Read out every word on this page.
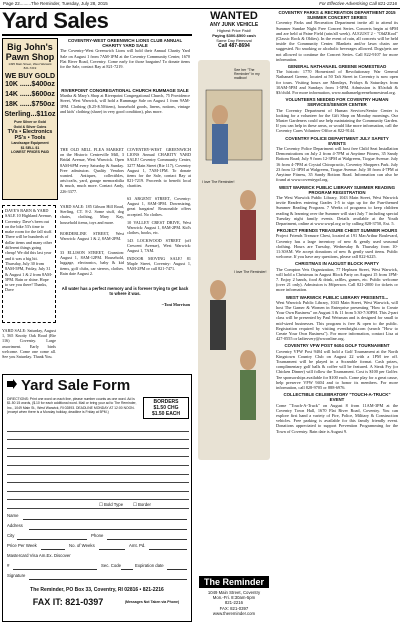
Page 22.........The Reminder, Tuesday, July 28, 2015	For Effective Advertising Call 821-2216
Yard Sales
Big John's
Pawn Shop
1495 Main Street, West Warwick
821-7219
WE BUY GOLD
10K ......$400oz
14K ......$600oz
18K ......$750oz
Sterling...$11oz
Pure Silver or Gold
Gold & Silver Coins
TVs • Electronics
PS's • Tools
Landscape Equipment
$1 SELL $1
LOWEST PRICES PAID
COVENTRY-WEST GREENWICH LIONS CLUB ANNUAL CHARITY YARD SALE
The Coventry-West Greenwich Lions will hold their Annual Charity Yard Sale on August 1 from 7AM-1PM at the Coventry Community Center, 1670 Flat River Road, Coventry. Come early for those bargains! To donate items for the Sale, contact Ray at 821-7219.
RIVERPOINT CONGREGATIONAL CHURCH RUMMAGE SALE
Martha & Mary's Shop at Riverpoint Congregational Church, 75 Providence Street, West Warwick, will hold a Rummage Sale on August 1 from 9AM-1PM. Clothing ($.25-$.50/item), household goods, linens, notions, vintage and kids' clothing (share) in very good condition), plus more.
DAVE'S BARN & YARD SALE 10 Highland Avenue, Coventry. Dave's been out on the bike 53's time to make room for the fall stuff. There will be hundreds of dollar items and many other different things going cheap! We did this last year and it was a big hit. Thursday, July 30 from 8AM-5PM, Friday, July 31 & August 1 & 2 from 8AM-5PM. Rain or shine. Hope to see you there! Thanks, Dave
YARD SALE: Saturday, August 1, 565 Knotty Oak Road (Rte 116) Coventry. Large assortment. Early birds welcome. Come one come all. See you Saturday. Thank You.
THE OLD MILL FLEA MARKET on the Historic Centreville Mill, 3 Bridal Avenue, West Warwick. Open 8AM-6PM every Saturday & Sunday. Free admission. Quality Vendors wanted. Antiques, collectibles, arts/crafts, yard, garage memorabilia & much, much more. Contact Andy, 226-3377.
YARD SALE: 185 Gibson Hill Road, Sterling, CT. 8-2. Some stuff, dog chairs, clothing, Mary Kay, household items, toys and more.
BORDERLINE STREET, West Warwick: August 1 & 2, 8AM-2PM.
33 ELLISON STREET, Cranston: August 1, 8AM-12PM. Household, luggage, electronics, baby & kid items, golf clubs, car stereos, clothes. Rain date August 2.
COVENTRY-WEST GREENWICH LIONS Annual CHARITY YARD SALE! Coventry Community Center, 3277 Main Street (Rte 117), Coventry August 1, 7AM-1PM. To donate items for the Sale, contact Ray at 821-7219. Proceeds to benefit local charities.
63 ARGENT STREET, Coventry: August 1, 8AM-3PM. Downsizing, great bargains! Reasonable offers accepted. No clothes.
10 VALLEY CREST DRIVE, West Warwick: August 1, 8AM-2PM. Kid's clothes, books, etc.
143 LOCKWOOD STREET (off Crescent Avenue), West Warwick: August 1, 7AM.
INDOOR MOVING SALE! 81 Maple Street, Coventry: August 1, 9AM-2PM or call 821-7471.
All water has a perfect memory and is forever trying to get back to where it was.
~Toni Morrison
Yard Sale Form
DIRECTIONS: Print one word on each line, please number counts as one word. Ad is $1.50 15 words, ($.10 for each additional word. Mail or bring your ad to The Reminder, Inc., 1049 Main St., West Warwick, RI 02893. DEADLINE MONDAY AT 12:00 NOON. (except when there is a Monday holiday, deadline is Friday at 5PM.)
BORDERS
$1.50 CHG
$1.50 EACH
☐ Bold Type ☐ Border
Name
Address
City	Phone
Price Per Week	No. of Weeks	Amt. Pd.
Mastercard Visa Am.Ex. Discover
#	Sec. Code	Expiration date
Signature
The Reminder, PO Box 33, Coventry, RI 02816 • 821-2216
FAX IT: 821-0397	(Messages Not Taken via Phone)
WANTED
ANY JUNK VEHICLE
Highest Price Paid!
Paying $300-$500 cash
Same Day Removal
Call 487-8694
See her "The Reminder" in my mailbox!
I love The Reminder!
I love The Reminder!
The Reminder
1049 Main Street, Coventry
Mon.-Fri. 8:30am-5pm
821-2216
FAX: 821-0397
www.thereminder.com
COVENTRY PARKS & RECREATION DEPARTMENT 2015 SUMMER CONCERT SERIES
Coventry Parks and Recreation Department invite all to attend its Summer Sundae Night Free Concert Series. Concerts begin at 6PM and are held at Paine Field (rain/all week). AUGUST 2 - "OldZKool" (Classic Rock & Oldies). In the event of rain, all concerts will be held inside the Community Center. Blankets and/or lawn chairs are suggested. No smoking or alcoholic beverages allowed. Dogs/pets are not allowed to continue the Concert Series. Call 822-9107 for more information.
GENERAL NATHANAEL GREENE HOMESTEAD
The historic 1770 Homestead of Revolutionary War General Nathanael Greene, located at 50 Taft Street in Coventry is now open for tours. Visiting hours are Mondays, Fridays & Saturdays from 10AM-5PM and Sundays from 1-5PM. Admission is $5/adult & $3/child. For more information, www.nathanaelgreenehomestead.org.
VOLUNTEERS NEEDED FOR COVENTRY HUMAN SERVICES/SENIOR CENTER
The Coventry Department of Human Services/Senior Center is looking for a volunteer for the Gift Shop on Monday mornings. Our Master Gardeners could use help maintaining the Community Garden. If you can help in these areas, or would like more information, call the Coventry Cares Volunteer Office at 822-9144.
COVENTRY POLICE DEPARTMENT JULY SAFETY EVENTS
The Coventry Police Department will host free Child Seat Installation Demonstrations on July 2 from 4-7PM at Anytime Fitness, 35 Sandy Bottom Road; July 9 from 12-3PM at Walgreens, Tiogue Avenue. July 16 from 4-7PM at Crystal Chiropractic, Coventry Shoppers Park. July 23 from 12-3PM at Walgreens, Tiogue Avenue. July 30 from 4-7PM at Anytime Fitness, 35 Sandy Bottom Road. Information can also be found at www.coventrypd.org.
WEST WARWICK PUBLIC LIBRARY SUMMER READING PROGRAM REGISTRATION
The West Warwick Public Library, 1043 Main Street, West Warwick invite Readers entering Grades 1-5 to sign up for the Fun-themed Summer Reading Program. 7 Weeks of programs to keep children reading & learning over the Summer will start July 7 including special Tuesday night family events. Details available at the Youth Department, online at www.wwpl.org or by calling 828-3750, Ext. 5.
PROJECT FRIENDS TREASURE CHEST SUMMER HOURS
Project Friends Treasure Chest, located at 191 MacArthur Boulevard, Coventry has a large inventory of new & gently used seasonal clothing. Hours are Tuesday, Wednesday & Thursday from 10-11:30AM. We accept donations of new & gently used items. Public welcome. If you have any questions, please call 822-6225.
CHRISTMAS IN AUGUST BLOCK PARTY
The Compton Vets Organization, 77 Hepburn Street, West Warwick, will hold a Christmas in August Block Party on August 15 from 1PM-7. Enjoy 2 bands, food & drink, raffles, games, etc. Public welcome (over 21 only). Admission is $6/person. Call 821-2000 for tickets or more information.
WEST WARWICK PUBLIC LIBRARY PRESENTS...
West Warwick Public Library, 1043 Main Street, West Warwick, will host The Gamer & Women in Enterprise presenting "How to Create Your Own Business" on August 3 & 11 from 5:30-7:30PM. This 2-part class will be presented by Paul Weisman and is designed for small to mid-sized businesses. This program is free & open to the public. Registration required by visiting eventbright.com (search "How to Create Your Own Business"). For more information, contact Lisa at 427-0555 or ladiesvery@wwonline.org.
COVENTRY VFW POST 9404 GOLF TOURNAMENT
Coventry VFW Post 9404 will hold a Golf Tournament at the North Kingstown Country Club on August 22 with a 1PM tee off. Tournament will be played in a Scramble format. Cash prizes, complimentary golf balls & coffee will be featured. A Steak Fry (or Chicken Dinner) will follow the Tournament. Cost is $100 per Golfer. Tee sponsorships available for $100 each. Come play for a great cause, help preserve VFW 9404 and to honor its members. For more information, call 828-9705 or 888-6976.
COLLECTIBLE CELEBRATORY "TOUCH-A-TRUCK" EVENT
Come "Touch-A-Truck" on August 8 from 11AM-3PM at the Coventry Town Hall, 1670 Flat River Road, Coventry. You can explore first hand a variety of Fire, Police, Military & Construction vehicles. Free parking is available for this family friendly event. Donations appreciated to support Prevention Programming for the Town of Coventry. Rain date is August 9.
